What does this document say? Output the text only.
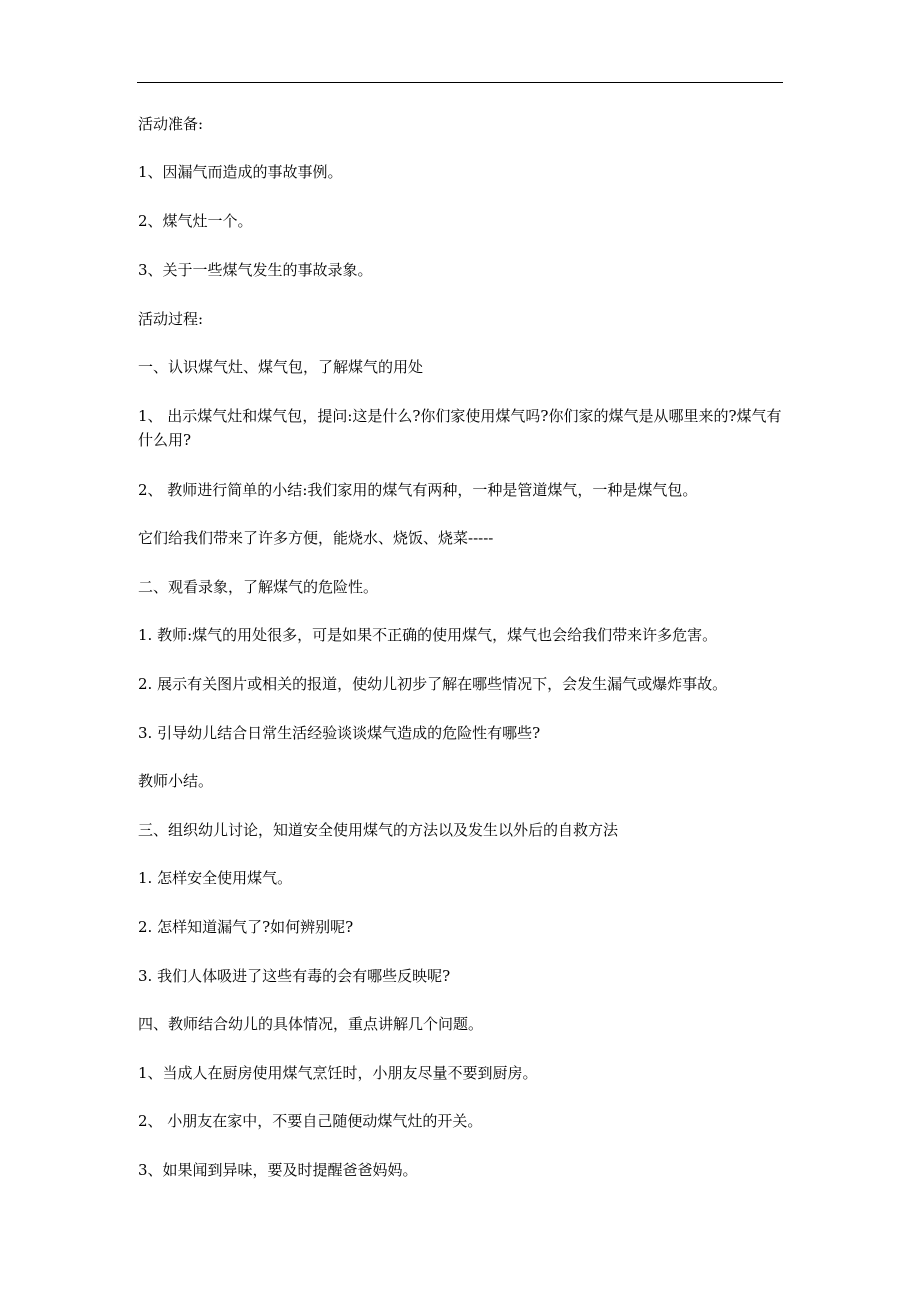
活动准备:
1、因漏气而造成的事故事例。
2、煤气灶一个。
3、关于一些煤气发生的事故录象。
活动过程:
一、认识煤气灶、煤气包，了解煤气的用处
1、 出示煤气灶和煤气包，提问:这是什么?你们家使用煤气吗?你们家的煤气是从哪里来的?煤气有什么用?
2、 教师进行简单的小结:我们家用的煤气有两种，一种是管道煤气，一种是煤气包。
它们给我们带来了许多方便，能烧水、烧饭、烧菜-----
二、观看录象，了解煤气的危险性。
1. 教师:煤气的用处很多，可是如果不正确的使用煤气，煤气也会给我们带来许多危害。
2. 展示有关图片或相关的报道，使幼儿初步了解在哪些情况下，会发生漏气或爆炸事故。
3. 引导幼儿结合日常生活经验谈谈煤气造成的危险性有哪些?
教师小结。
三、组织幼儿讨论，知道安全使用煤气的方法以及发生以外后的自救方法
1. 怎样安全使用煤气。
2. 怎样知道漏气了?如何辨别呢?
3. 我们人体吸进了这些有毒的会有哪些反映呢?
四、教师结合幼儿的具体情况，重点讲解几个问题。
1、当成人在厨房使用煤气烹饪时，小朋友尽量不要到厨房。
2、 小朋友在家中，不要自己随便动煤气灶的开关。
3、如果闻到异味，要及时提醒爸爸妈妈。
